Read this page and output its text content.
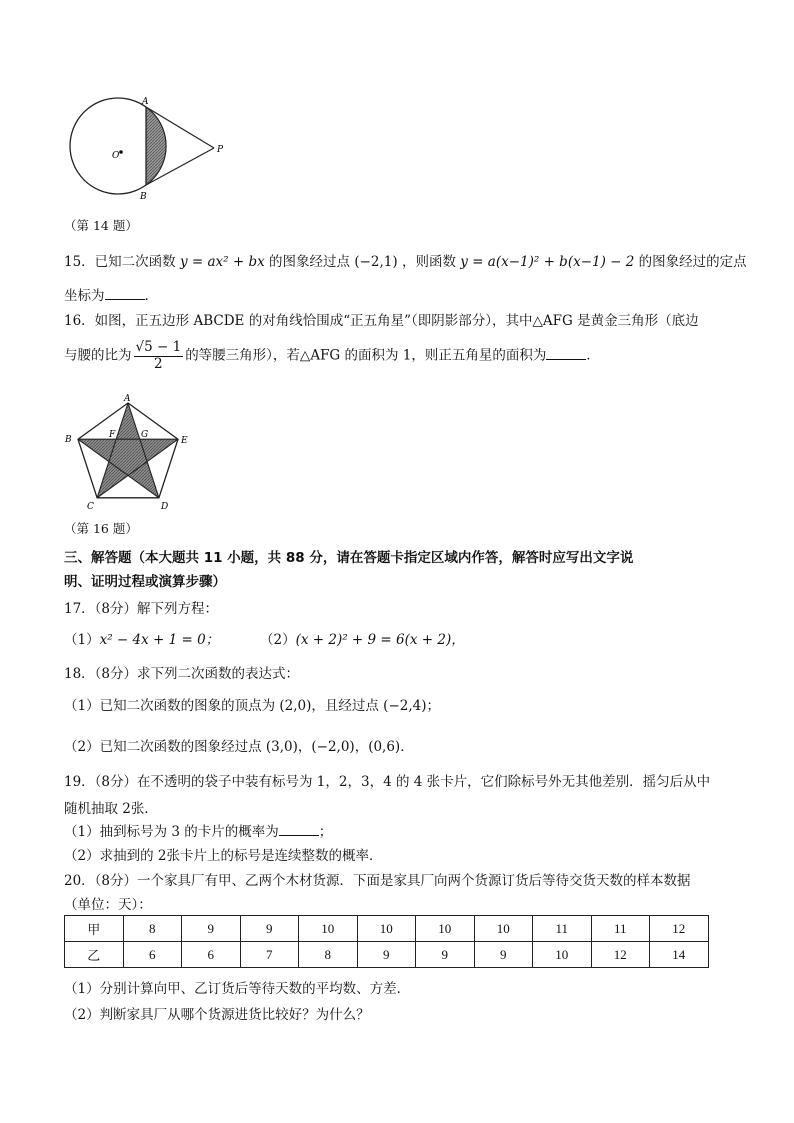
A
B
O
P
（第 14 题）
15．已知二次函数 y = ax² + bx 的图象经过点 (−2,1) ，则函数 y = a(x−1)² + b(x−1) − 2 的图象经过的定点
坐标为	．
16．如图，正五边形 ABCDE 的对角线恰围成“正五角星”（即阴影部分），其中△AFG 是黄金三角形（底边
与腰的比为 $\frac{√5 - 1}{2}$ 的等腰三角形），若△AFG 的面积为 1，则正五角星的面积为	．
A
B	E
C	D
F	G
（第 16 题）
三、解答题（本大题共 11 小题，共 88 分，请在答题卡指定区域内作答，解答时应写出文字说
明、证明过程或演算步骤）
17．（8分）解下列方程：
（1）x² − 4x + 1 = 0；	（2）(x + 2)² + 9 = 6(x + 2)，
18．（8分）求下列二次函数的表达式：
（1）已知二次函数的图象的顶点为 (2,0)，且经过点 (−2,4)；
（2）已知二次函数的图象经过点 (3,0)，(−2,0)，(0,6)．
19．（8分）在不透明的袋子中装有标号为 1，2，3，4 的 4 张卡片，它们除标号外无其他差别．摇匀后从中
随机抽取 2张．
（1）抽到标号为 3 的卡片的概率为	；
（2）求抽到的 2张卡片上的标号是连续整数的概率．
20．（8分）一个家具厂有甲、乙两个木材货源．下面是家具厂向两个货源订货后等待交货天数的样本数据
（单位：天）：
甲	8	9	9	10	10	10	10	11	11	12
乙	6	6	7	8	9	9	9	10	12	14
（1）分别计算向甲、乙订货后等待天数的平均数、方差．
（2）判断家具厂从哪个货源进货比较好？为什么？
